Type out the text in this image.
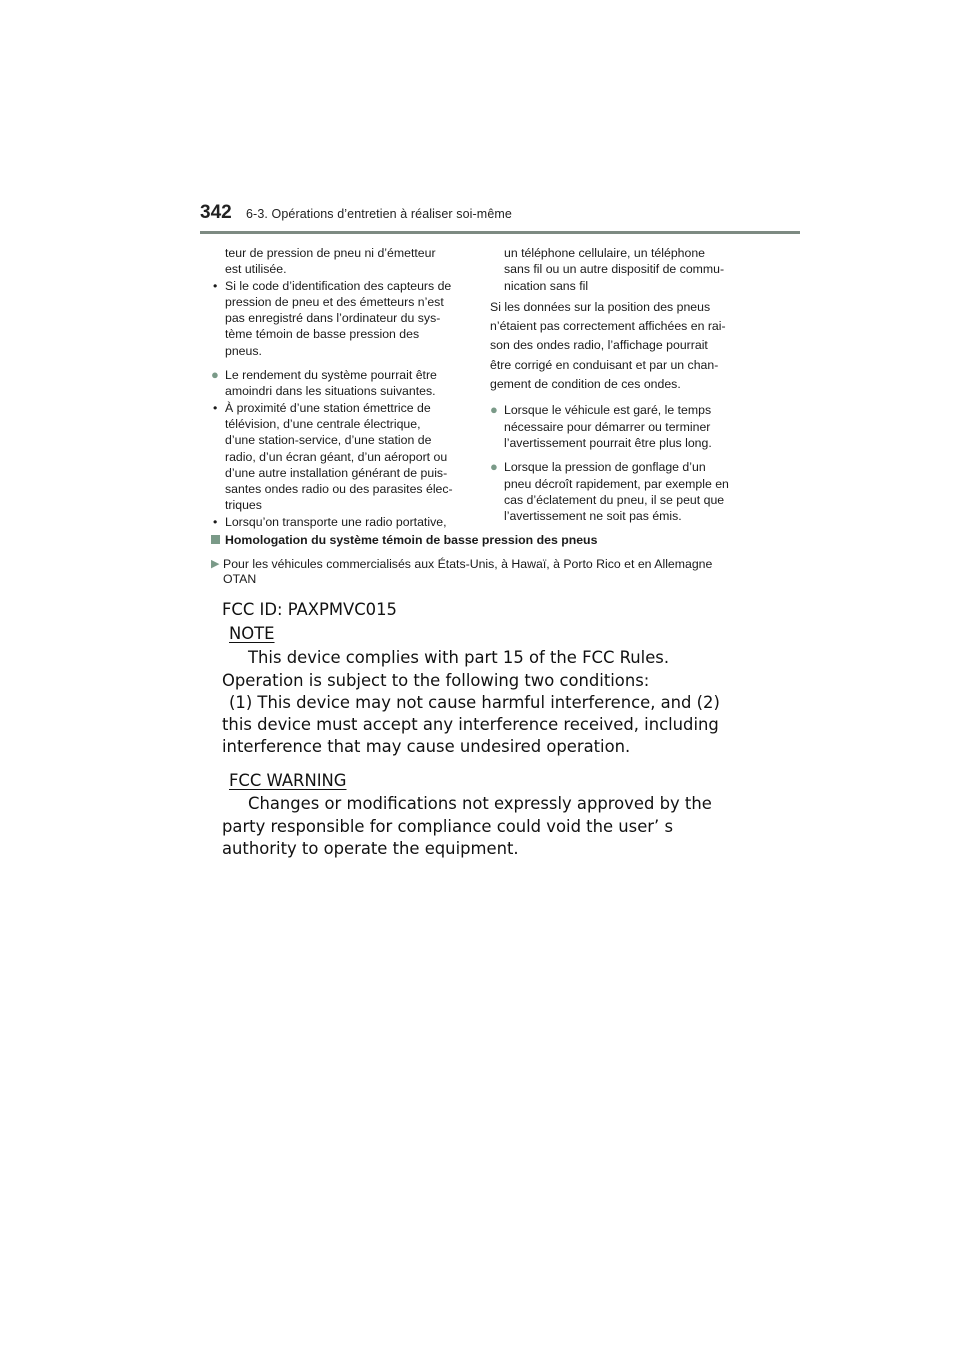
342 6-3. Opérations d’entretien à réaliser soi-même

teur de pression de pneu ni d’émetteur

est utilisée.

• Si le code d’identification des capteurs de

pression de pneu et des émetteurs n’est

pas enregistré dans l’ordinateur du sys-

tème témoin de basse pression des

pneus.

● Le rendement du système pourrait être

amoindri dans les situations suivantes.

• À proximité d’une station émettrice de

télévision, d’une centrale électrique,

d’une station-service, d’une station de

radio, d’un écran géant, d’un aéroport ou

d’une autre installation générant de puis-

santes ondes radio ou des parasites élec-

triques

• Lorsqu’on transporte une radio portative,

un téléphone cellulaire, un téléphone

sans fil ou un autre dispositif de commu-

nication sans fil

Si les données sur la position des pneus

n’étaient pas correctement affichées en rai-

son des ondes radio, l’affichage pourrait

être corrigé en conduisant et par un chan-

gement de condition de ces ondes.

● Lorsque le véhicule est garé, le temps

nécessaire pour démarrer ou terminer

l’avertissement pourrait être plus long.

● Lorsque la pression de gonflage d’un

pneu décroît rapidement, par exemple en

cas d’éclatement du pneu, il se peut que

l’avertissement ne soit pas émis.

Homologation du système témoin de basse pression des pneus
▶ Pour les véhicules commercialisés aux États-Unis, à Hawaï, à Porto Rico et en Allemagne
OTAN
FCC ID: PAXPMVC015
NOTE
This device complies with part 15 of the FCC Rules.
Operation is subject to the following two conditions:
(1) This device may not cause harmful interference, and (2)
this device must accept any interference received, including
interference that may cause undesired operation.
FCC WARNING
Changes or modifications not expressly approved by the
party responsible for compliance could void the user’ s
authority to operate the equipment.
